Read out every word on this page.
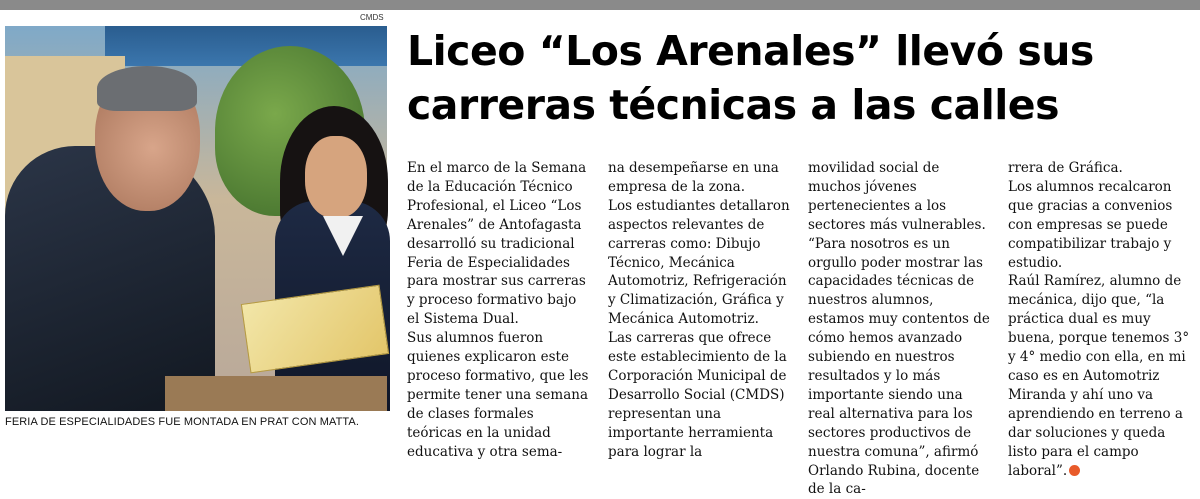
CMDS
FERIA DE ESPECIALIDADES FUE MONTADA EN PRAT CON MATTA.
Liceo “Los Arenales” llevó sus
carreras técnicas a las calles

En el marco de la Semana de la Educación Técnico Profesional, el Liceo “Los Arenales” de Antofagasta desarrolló su tradicional Feria de Especialidades para mostrar sus carreras y proceso formativo bajo el Sistema Dual.

Sus alumnos fueron quienes explicaron este proceso formativo, que les permite tener una semana de clases formales teóricas en la unidad educativa y otra sema-

na desempeñarse en una empresa de la zona.

Los estudiantes detallaron aspectos relevantes de carreras como: Dibujo Técnico, Mecánica Automotriz, Refrigeración y Climatización, Gráfica y Mecánica Automotriz.

Las carreras que ofrece este establecimiento de la Corporación Municipal de Desarrollo Social (CMDS) representan una importante herramienta para lograr la

movilidad social de muchos jóvenes pertenecientes a los sectores más vulnerables.

“Para nosotros es un orgullo poder mostrar las capacidades técnicas de nuestros alumnos, estamos muy contentos de cómo hemos avanzado subiendo en nuestros resultados y lo más importante siendo una real alternativa para los sectores productivos de nuestra comuna”, afirmó Orlando Rubina, docente de la ca-

rrera de Gráfica.

Los alumnos recalcaron que gracias a convenios con empresas se puede compatibilizar trabajo y estudio.

Raúl Ramírez, alumno de mecánica, dijo que, “la práctica dual es muy buena, porque tenemos 3° y 4° medio con ella, en mi caso es en Automotriz Miranda y ahí uno va aprendiendo en terreno a dar soluciones y queda listo para el campo laboral”.
